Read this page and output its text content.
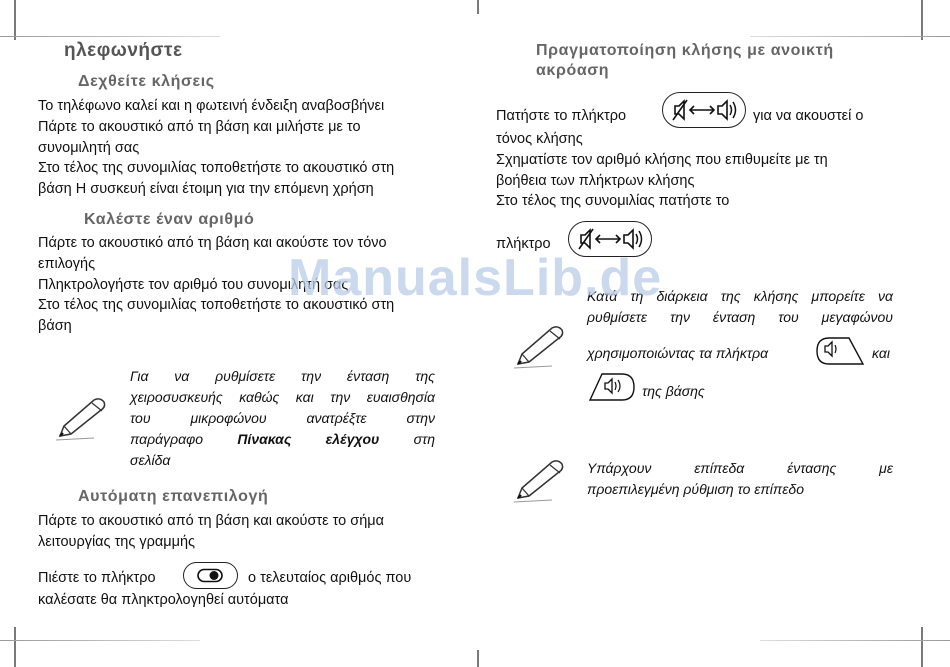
ηλεφωνήστε
Δεχθείτε κλήσεις
Το τηλέφωνο καλεί και η φωτεινή ένδειξη αναβοσβήνει
Πάρτε το ακουστικό από τη βάση και μιλήστε με το
συνομιλητή σας
Στο τέλος της συνομιλίας τοποθετήστε το ακουστικό στη
βάση Η συσκευή είναι έτοιμη για την επόμενη χρήση
Καλέστε έναν αριθμό
Πάρτε το ακουστικό από τη βάση και ακούστε τον τόνο
επιλογής
Πληκτρολογήστε τον αριθμό του συνομιλητή σας
Στο τέλος της συνομιλίας τοποθετήστε το ακουστικό στη
βάση
Για να ρυθμίσετε την ένταση της
χειροσυσκευής καθώς και την ευαισθησία
του μικροφώνου ανατρέξτε στην
παράγραφο Πίνακας ελέγχου στη
σελίδα
Αυτόματη επανεπιλογή
Πάρτε το ακουστικό από τη βάση και ακούστε το σήμα
λειτουργίας της γραμμής
Πιέστε το πλήκτρο	ο τελευταίος αριθμός που
καλέσατε θα πληκτρολογηθεί αυτόματα
Πραγματοποίηση κλήσης με ανοικτή
ακρόαση
Πατήστε το πλήκτρο	για να ακουστεί ο
τόνος κλήσης
Σχηματίστε τον αριθμό κλήσης που επιθυμείτε με τη
βοήθεια των πλήκτρων κλήσης
Στο τέλος της συνομιλίας πατήστε το
πλήκτρο
Κατά τη διάρκεια της κλήσης μπορείτε να
ρυθμίσετε την ένταση του μεγαφώνου
χρησιμοποιώντας τα πλήκτρα	και
της βάσης
Υπάρχουν επίπεδα έντασης με
προεπιλεγμένη ρύθμιση το επίπεδο
ManualsLib.de
